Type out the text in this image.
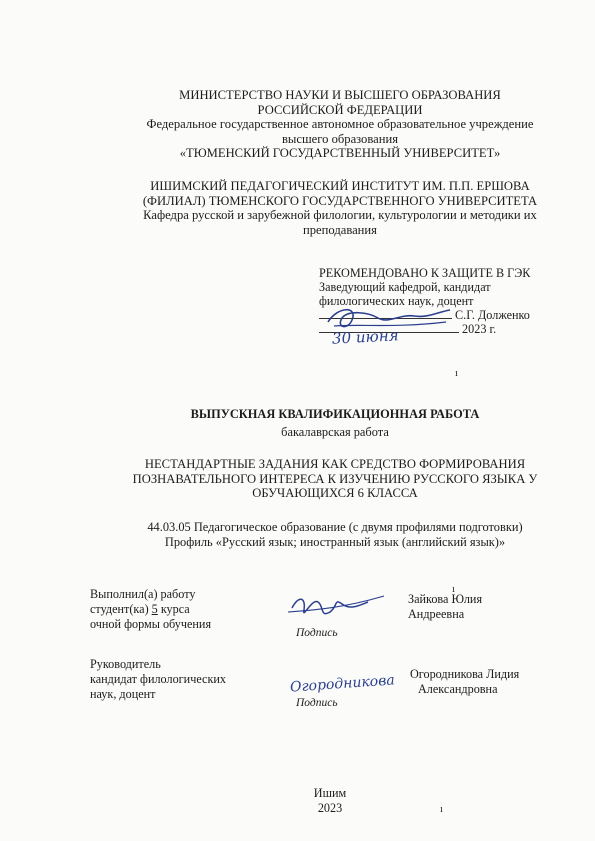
МИНИСТЕРСТВО НАУКИ И ВЫСШЕГО ОБРАЗОВАНИЯ
РОССИЙСКОЙ ФЕДЕРАЦИИ
Федеральное государственное автономное образовательное учреждение
высшего образования
«ТЮМЕНСКИЙ ГОСУДАРСТВЕННЫЙ УНИВЕРСИТЕТ»
ИШИМСКИЙ ПЕДАГОГИЧЕСКИЙ ИНСТИТУТ ИМ. П.П. ЕРШОВА
(ФИЛИАЛ) ТЮМЕНСКОГО ГОСУДАРСТВЕННОГО УНИВЕРСИТЕТА
Кафедра русской и зарубежной филологии, культурологии и методики их
преподавания
РЕКОМЕНДОВАНО К ЗАЩИТЕ В ГЭК
Заведующий кафедрой, кандидат
филологических наук, доцент
С.Г. Долженко
2023 г.
30 июня
ВЫПУСКНАЯ КВАЛИФИКАЦИОННАЯ РАБОТА
бакалаврская работа
НЕСТАНДАРТНЫЕ ЗАДАНИЯ КАК СРЕДСТВО ФОРМИРОВАНИЯ
ПОЗНАВАТЕЛЬНОГО ИНТЕРЕСА К ИЗУЧЕНИЮ РУССКОГО ЯЗЫКА У
ОБУЧАЮЩИХСЯ 6 КЛАССА
44.03.05 Педагогическое образование (с двумя профилями подготовки)
Профиль «Русский язык; иностранный язык (английский язык)»
Выполнил(а) работу
студент(ка) 5 курса
очной формы обучения
Подпись
Зайкова Юлия
Андреевна
Руководитель
кандидат филологических
наук, доцент	Огородникова
Подпись
Огородникова Лидия
Александровна
Ишим
2023
ı
ı
ı
